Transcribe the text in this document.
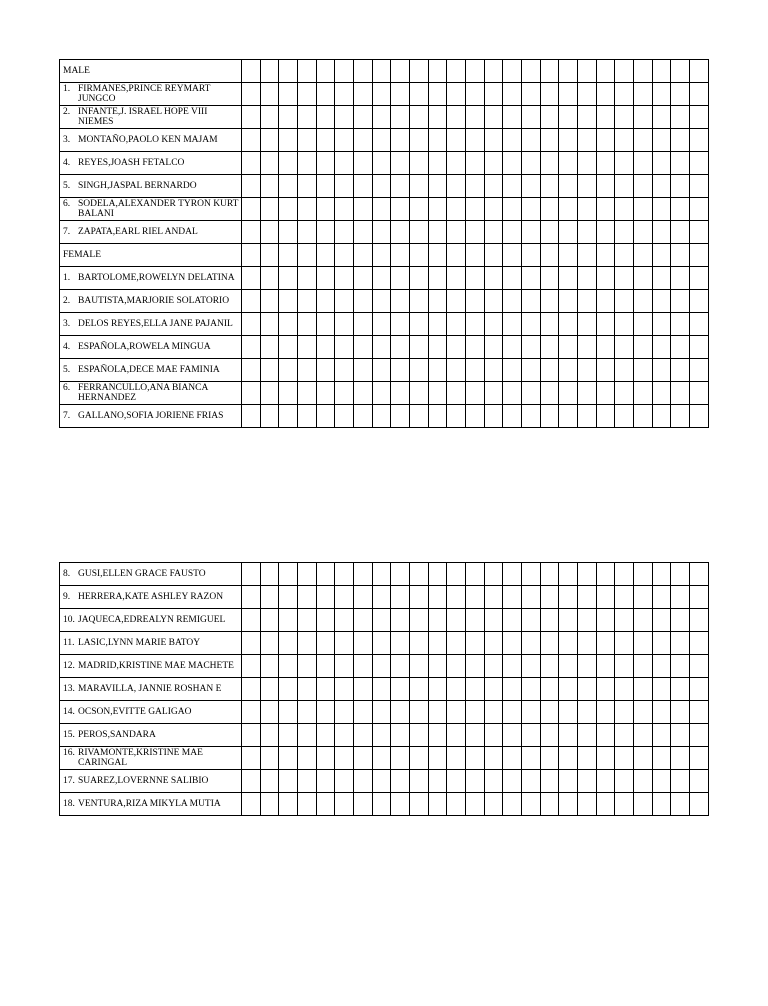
MALE																									

1. FIRMANES,PRINCE REYMART JUNGCO																									

2. INFANTE,J. ISRAEL HOPE VIII NIEMES																									

3. MONTAÑO,PAOLO KEN MAJAM																									

4. REYES,JOASH FETALCO																									

5. SINGH,JASPAL BERNARDO																									

6. SODELA,ALEXANDER TYRON KURT BALANI																									

7. ZAPATA,EARL RIEL ANDAL																									

FEMALE																									

1. BARTOLOME,ROWELYN DELATINA																									

2. BAUTISTA,MARJORIE SOLATORIO																									

3. DELOS REYES,ELLA JANE PAJANIL																									

4. ESPAÑOLA,ROWELA MINGUA																									

5. ESPAÑOLA,DECE MAE FAMINIA																									

6. FERRANCULLO,ANA BIANCA HERNANDEZ																									

7. GALLANO,SOFIA JORIENE FRIAS																									

8. GUSI,ELLEN GRACE FAUSTO																									

9. HERRERA,KATE ASHLEY RAZON																									

10. JAQUECA,EDREALYN REMIGUEL																									

11. LASIC,LYNN MARIE BATOY																									

12. MADRID,KRISTINE MAE MACHETE																									

13. MARAVILLA, JANNIE ROSHAN E																									

14. OCSON,EVITTE GALIGAO																									

15. PEROS,SANDARA																									

16. RIVAMONTE,KRISTINE MAE CARINGAL																									

17. SUAREZ,LOVERNNE SALIBIO																									

18. VENTURA,RIZA MIKYLA MUTIA																									
